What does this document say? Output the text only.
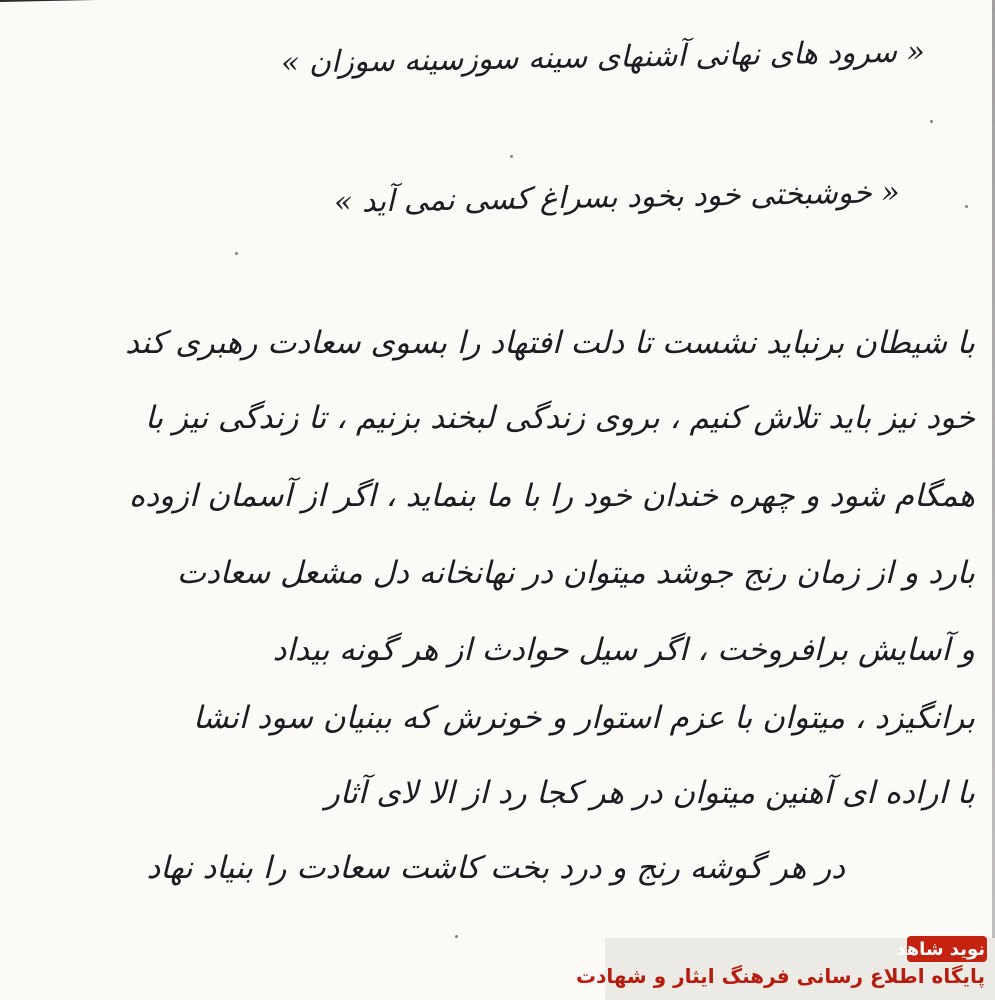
« سرود های نهانی آشنهای سینه سوزسینه سوزان »
« خوشبختی خود بخود بسراغ کسی نمی آید »
با شیطان برنباید نشست تا دلت افتهاد را بسوی سعادت رهبری کند
خود نیز باید تلاش کنیم ، بروی زندگی لبخند بزنیم ، تا زندگی نیز با
همگام شود و چهره خندان خود را با ما بنماید ، اگر از آسمان ازوده
بارد و از زمان رنج جوشد میتوان در نهانخانه دل مشعل سعادت
و آسایش برافروخت ، اگر سیل حوادث از هر گونه بیداد
برانگیزد ، میتوان با عزم استوار و خونرش که ببنیان سود انشا
با اراده ای آهنین میتوان در هر کجا رد از الا لای آثار
در هر گوشه رنج و درد بخت کاشت سعادت را بنیاد نهاد
نوید شاهد
پایگاه اطلاع رسانی فرهنگ ایثار و شهادت
